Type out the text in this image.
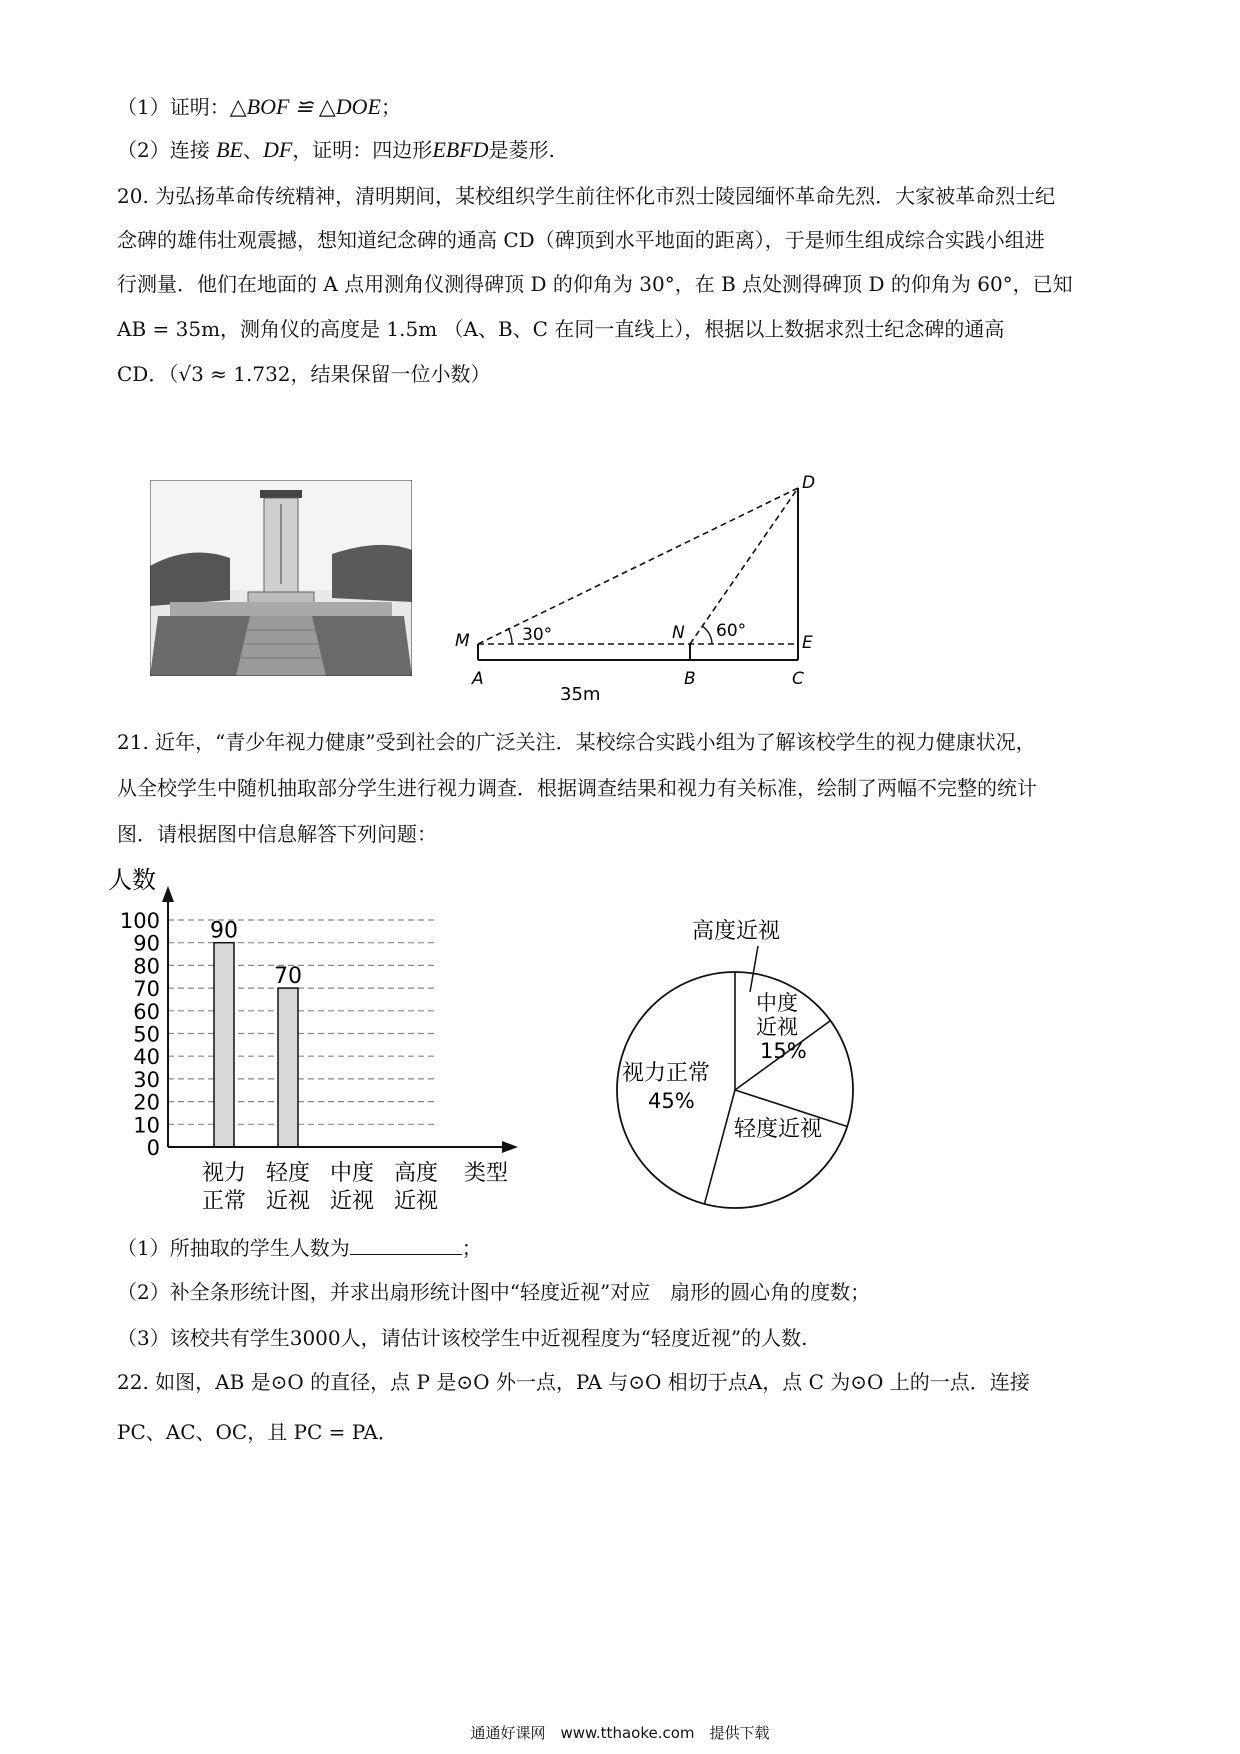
（1）证明：△BOF ≌ △DOE；
（2）连接 BE、DF，证明：四边形EBFD是菱形.
20. 为弘扬革命传统精神，清明期间，某校组织学生前往怀化市烈士陵园缅怀革命先烈．大家被革命烈士纪
念碑的雄伟壮观震撼，想知道纪念碑的通高 CD（碑顶到水平地面的距离），于是师生组成综合实践小组进
行测量．他们在地面的 A 点用测角仪测得碑顶 D 的仰角为 30°，在 B 点处测得碑顶 D 的仰角为 60°，已知
AB = 35m，测角仪的高度是 1.5m （A、B、C 在同一直线上），根据以上数据求烈士纪念碑的通高
CD．（√3 ≈ 1.732，结果保留一位小数）
D
M	N	E
A	B	C
30°	60°
35m
21. 近年，“青少年视力健康”受到社会的广泛关注．某校综合实践小组为了解该校学生的视力健康状况，
从全校学生中随机抽取部分学生进行视力调查．根据调查结果和视力有关标准，绘制了两幅不完整的统计
图．请根据图中信息解答下列问题：
人数
0
10
20
30
40
50
60
70
80
90
100 90
70
视力
正常
轻度
近视
中度
近视
高度
近视
类型
高度近视
中度
近视
15%
视力正常
45%
轻度近视
（1）所抽取的学生人数为	；
（2）补全条形统计图，并求出扇形统计图中“轻度近视”对应　扇形的圆心角的度数；
（3）该校共有学生3000人，请估计该校学生中近视程度为“轻度近视”的人数.
22. 如图，AB 是⊙O 的直径，点 P 是⊙O 外一点，PA 与⊙O 相切于点A，点 C 为⊙O 上的一点．连接
PC、AC、OC，且 PC = PA．
通通好课网　www.tthaoke.com　提供下载
